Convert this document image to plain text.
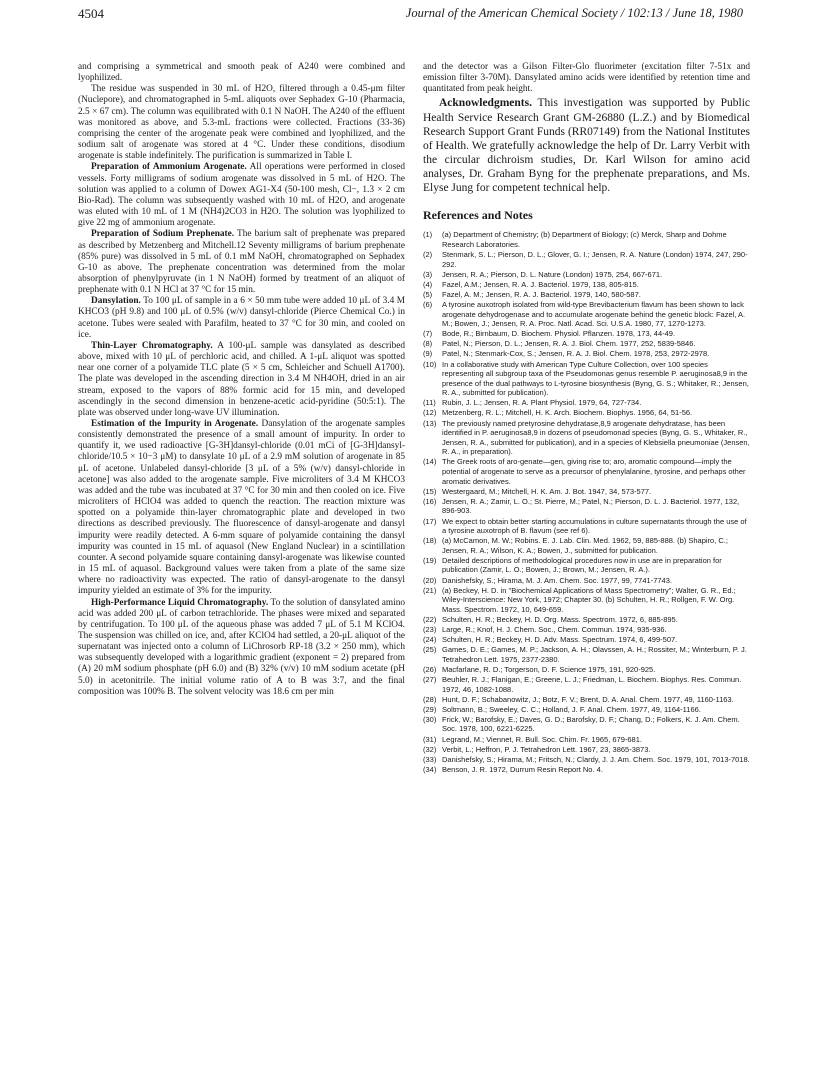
4504	Journal of the American Chemical Society / 102:13 / June 18, 1980

and comprising a symmetrical and smooth peak of A240 were combined and lyophilized.

The residue was suspended in 30 mL of H2O, filtered through a 0.45-μm filter (Nuclepore), and chromatographed in 5-mL aliquots over Sephadex G-10 (Pharmacia, 2.5 × 67 cm). The column was equilibrated with 0.1 N NaOH. The A240 of the effluent was monitored as above, and 5.3-mL fractions were collected. Fractions (33-36) comprising the center of the arogenate peak were combined and lyophilized, and the sodium salt of arogenate was stored at 4 °C. Under these conditions, disodium arogenate is stable indefinitely. The purification is summarized in Table I.

Preparation of Ammonium Arogenate. All operations were performed in closed vessels. Forty milligrams of sodium arogenate was dissolved in 5 mL of H2O. The solution was applied to a column of Dowex AG1-X4 (50-100 mesh, Cl−, 1.3 × 2 cm Bio-Rad). The column was subsequently washed with 10 mL of H2O, and arogenate was eluted with 10 mL of 1 M (NH4)2CO3 in H2O. The solution was lyophilized to give 22 mg of ammonium arogenate.

Preparation of Sodium Prephenate. The barium salt of prephenate was prepared as described by Metzenberg and Mitchell.12 Seventy milligrams of barium prephenate (85% pure) was dissolved in 5 mL of 0.1 mM NaOH, chromatographed on Sephadex G-10 as above. The prephenate concentration was determined from the molar absorption of phenylpyruvate (in 1 N NaOH) formed by treatment of an aliquot of prephenate with 0.1 N HCl at 37 °C for 15 min.

Dansylation. To 100 μL of sample in a 6 × 50 mm tube were added 10 μL of 3.4 M KHCO3 (pH 9.8) and 100 μL of 0.5% (w/v) dansyl-chloride (Pierce Chemical Co.) in acetone. Tubes were sealed with Parafilm, heated to 37 °C for 30 min, and cooled on ice.

Thin-Layer Chromatography. A 100-μL sample was dansylated as described above, mixed with 10 μL of perchloric acid, and chilled. A 1-μL aliquot was spotted near one corner of a polyamide TLC plate (5 × 5 cm, Schleicher and Schuell A1700). The plate was developed in the ascending direction in 3.4 M NH4OH, dried in an air stream, exposed to the vapors of 88% formic acid for 15 min, and developed ascendingly in the second dimension in benzene-acetic acid-pyridine (50:5:1). The plate was observed under long-wave UV illumination.

Estimation of the Impurity in Arogenate. Dansylation of the arogenate samples consistently demonstrated the presence of a small amount of impurity. In order to quantify it, we used radioactive [G-3H]dansyl-chloride (0.01 mCi of [G-3H]dansyl-chloride/10.5 × 10−3 μM) to dansylate 10 μL of a 2.9 mM solution of arogenate in 85 μL of acetone. Unlabeled dansyl-chloride [3 μL of a 5% (w/v) dansyl-chloride in acetone] was also added to the arogenate sample. Five microliters of 3.4 M KHCO3 was added and the tube was incubated at 37 °C for 30 min and then cooled on ice. Five microliters of HClO4 was added to quench the reaction. The reaction mixture was spotted on a polyamide thin-layer chromatographic plate and developed in two directions as described previously. The fluorescence of dansyl-arogenate and dansyl impurity were readily detected. A 6-mm square of polyamide containing the dansyl impurity was counted in 15 mL of aquasol (New England Nuclear) in a scintillation counter. A second polyamide square containing dansyl-arogenate was likewise counted in 15 mL of aquasol. Background values were taken from a plate of the same size where no radioactivity was expected. The ratio of dansyl-arogenate to the dansyl impurity yielded an estimate of 3% for the impurity.

High-Performance Liquid Chromatography. To the solution of dansylated amino acid was added 200 μL of carbon tetrachloride. The phases were mixed and separated by centrifugation. To 100 μL of the aqueous phase was added 7 μL of 5.1 M KClO4. The suspension was chilled on ice, and, after KClO4 had settled, a 20-μL aliquot of the supernatant was injected onto a column of LiChrosorb RP-18 (3.2 × 250 mm), which was subsequently developed with a logarithmic gradient (exponent = 2) prepared from (A) 20 mM sodium phosphate (pH 6.0) and (B) 32% (v/v) 10 mM sodium acetate (pH 5.0) in acetonitrile. The initial volume ratio of A to B was 3:7, and the final composition was 100% B. The solvent velocity was 18.6 cm per min

and the detector was a Gilson Filter-Glo fluorimeter (excitation filter 7-51x and emission filter 3-70M). Dansylated amino acids were identified by retention time and quantitated from peak height.

Acknowledgments. This investigation was supported by Public Health Service Research Grant GM-26880 (L.Z.) and by Biomedical Research Support Grant Funds (RR07149) from the National Institutes of Health. We gratefully acknowledge the help of Dr. Larry Verbit with the circular dichroism studies, Dr. Karl Wilson for amino acid analyses, Dr. Graham Byng for the prephenate preparations, and Ms. Elyse Jung for competent technical help.

References and Notes
(1)	(a) Department of Chemistry; (b) Department of Biology; (c) Merck, Sharp and Dohme Research Laboratories.
(2)	Stenmark, S. L.; Pierson, D. L.; Glover, G. I.; Jensen, R. A. Nature (London) 1974, 247, 290-292.
(3)	Jensen, R. A.; Pierson, D. L. Nature (London) 1975, 254, 667-671.
(4)	Fazel, A.M.; Jensen, R. A. J. Bacteriol. 1979, 138, 805-815.
(5)	Fazel, A. M.; Jensen, R. A. J. Bacteriol. 1979, 140, 580-587.
(6)	A tyrosine auxotroph isolated from wild-type Brevibacterium flavum has been shown to lack arogenate dehydrogenase and to accumulate arogenate behind the genetic block: Fazel, A. M.; Bowen, J.; Jensen, R. A. Proc. Natl. Acad. Sci. U.S.A. 1980, 77, 1270-1273.
(7)	Bode, R.; Birnbaum, D. Biochem. Physiol. Pflanzen. 1978, 173, 44-49.
(8)	Patel, N.; Pierson, D. L.; Jensen, R. A. J. Biol. Chem. 1977, 252, 5839-5846.
(9)	Patel, N.; Stenmark-Cox, S.; Jensen, R. A. J. Biol. Chem. 1978, 253, 2972-2978.
(10) In a collaborative study with American Type Culture Collection, over 100 species representing all subgroup taxa of the Pseudomonas genus resemble P. aeruginosa8,9 in the presence of the dual pathways to L-tyrosine biosynthesis (Byng, G. S.; Whitaker, R.; Jensen, R. A., submitted for publication).
(11) Rubin, J. L.; Jensen, R. A. Plant Physiol. 1979, 64, 727-734.
(12) Metzenberg, R. L.; Mitchell, H. K. Arch. Biochem. Biophys. 1956, 64, 51-56.
(13) The previously named pretyrosine dehydratase,8,9 arogenate dehydratase, has been identified in P. aeruginosa8,9 in dozens of pseudomonad species (Byng, G. S., Whitaker, R., Jensen, R. A., submitted for publication), and in a species of Klebsiella pneumoniae (Jensen, R. A., in preparation).
(14) The Greek roots of aro-genate—gen, giving rise to; aro, aromatic compound—imply the potential of arogenate to serve as a precursor of phenylalanine, tyrosine, and perhaps other aromatic derivatives.
(15) Westergaard, M.; Mitchell, H. K. Am. J. Bot. 1947, 34, 573-577.
(16) Jensen, R. A.; Zamir, L. O.; St. Pierre, M.; Patel, N.; Pierson, D. L. J. Bacteriol. 1977, 132, 896-903.
(17) We expect to obtain better starting accumulations in culture supernatants through the use of a tyrosine auxotroph of B. flavum (see ref 6).
(18) (a) McCamon, M. W.; Robins. E. J. Lab. Clin. Med. 1962, 59, 885-888. (b) Shapiro, C.; Jensen, R. A.; Wilson, K. A.; Bowen, J., submitted for publication.
(19) Detailed descriptions of methodological procedures now in use are in preparation for publication (Zamir, L. O.; Bowen, J.; Brown, M.; Jensen, R. A.).
(20) Danishefsky, S.; Hirama, M. J. Am. Chem. Soc. 1977, 99, 7741-7743.
(21) (a) Beckey, H. D. in "Biochemical Applications of Mass Spectrometry"; Walter, G. R., Ed.; Wiley-Interscience: New York, 1972; Chapter 30. (b) Schulten, H. R.; Rollgen, F. W. Org. Mass. Spectrom. 1972, 10, 649-659.
(22) Schulten, H. R.; Beckey, H. D. Org. Mass. Spectrom. 1972, 6, 885-895.
(23) Large, R.; Knof, H. J. Chem. Soc., Chem. Commun. 1974, 935-936.
(24) Schulten, H. R.; Beckey, H. D. Adv. Mass. Spectrum. 1974, 6, 499-507.
(25) Games, D. E.; Games, M. P.; Jackson, A. H.; Olavssen, A. H.; Rossiter, M.; Winterburn, P. J. Tetrahedron Lett. 1975, 2377-2380.
(26) Macfarlane, R. D.; Torgerson, D. F. Science 1975, 191, 920-925.
(27) Beuhler, R. J.; Flanigan, E.; Greene, L. J.; Friedman, L. Biochem. Biophys. Res. Commun. 1972, 46, 1082-1088.
(28) Hunt, D. F.; Schabanowitz, J.; Botz, F. V.; Brent, D. A. Anal. Chem. 1977, 49, 1160-1163.
(29) Soltmann, B.; Sweeley, C. C.; Holland, J. F. Anal. Chem. 1977, 49, 1164-1166.
(30) Frick, W.; Barofsky, E.; Daves, G. D.; Barofsky, D. F.; Chang, D.; Folkers, K. J. Am. Chem. Soc. 1978, 100, 6221-6225.
(31) Legrand, M.; Viennet, R. Bull. Soc. Chim. Fr. 1965, 679-681.
(32) Verbit, L.; Heffron, P. J. Tetrahedron Lett. 1967, 23, 3865-3873.
(33) Danishefsky, S.; Hirama, M.; Fritsch, N.; Clardy, J. J. Am. Chem. Soc. 1979, 101, 7013-7018.
(34) Benson, J. R. 1972, Durrum Resin Report No. 4.
